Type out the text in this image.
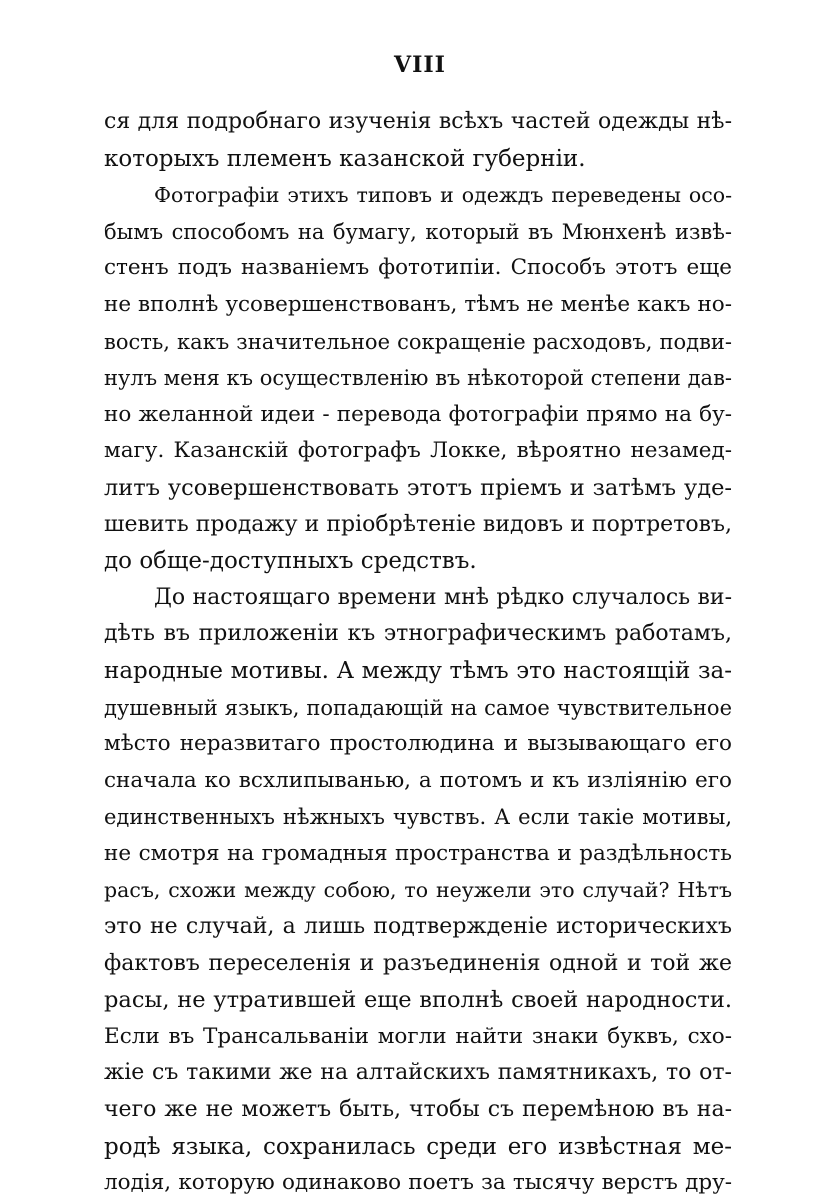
VIII
ся для подробнаго изученія всѣхъ частей одежды нѣ-
которыхъ племенъ казанской губерніи.
Фотографіи этихъ типовъ и одеждъ переведены осо-
бымъ способомъ на бумагу, который въ Мюнхенѣ извѣ-
стенъ подъ названіемъ фототипіи. Способъ этотъ еще
не вполнѣ усовершенствованъ, тѣмъ не менѣе какъ но-
вость, какъ значительное сокращеніе расходовъ, подви-
нулъ меня къ осуществленію въ нѣкоторой степени дав-
но желанной идеи - перевода фотографіи прямо на бу-
магу. Казанскій фотографъ Локке, вѣроятно незамед-
литъ усовершенствовать этотъ пріемъ и затѣмъ уде-
шевить продажу и пріобрѣтеніе видовъ и портретовъ,
до обще-доступныхъ средствъ.
До настоящаго времени мнѣ рѣдко случалось ви-
дѣть въ приложеніи къ этнографическимъ работамъ,
народные мотивы. А между тѣмъ это настоящій за-
душевный языкъ, попадающій на самое чувствительное
мѣсто неразвитаго простолюдина и вызывающаго его
сначала ко всхлипыванью, а потомъ и къ изліянію его
единственныхъ нѣжныхъ чувствъ. А если такіе мотивы,
не смотря на громадныя пространства и раздѣльность
расъ, схожи между собою, то неужели это случай? Нѣтъ
это не случай, а лишь подтвержденіе историческихъ
фактовъ переселенія и разъединенія одной и той же
расы, не утратившей еще вполнѣ своей народности.
Если въ Трансальваніи могли найти знаки буквъ, схо-
жіе съ такими же на алтайскихъ памятникахъ, то от-
чего же не можетъ быть, чтобы съ перемѣною въ на-
родѣ языка, сохранилась среди его извѣстная ме-
лодія, которую одинаково поетъ за тысячу верстъ дру-
